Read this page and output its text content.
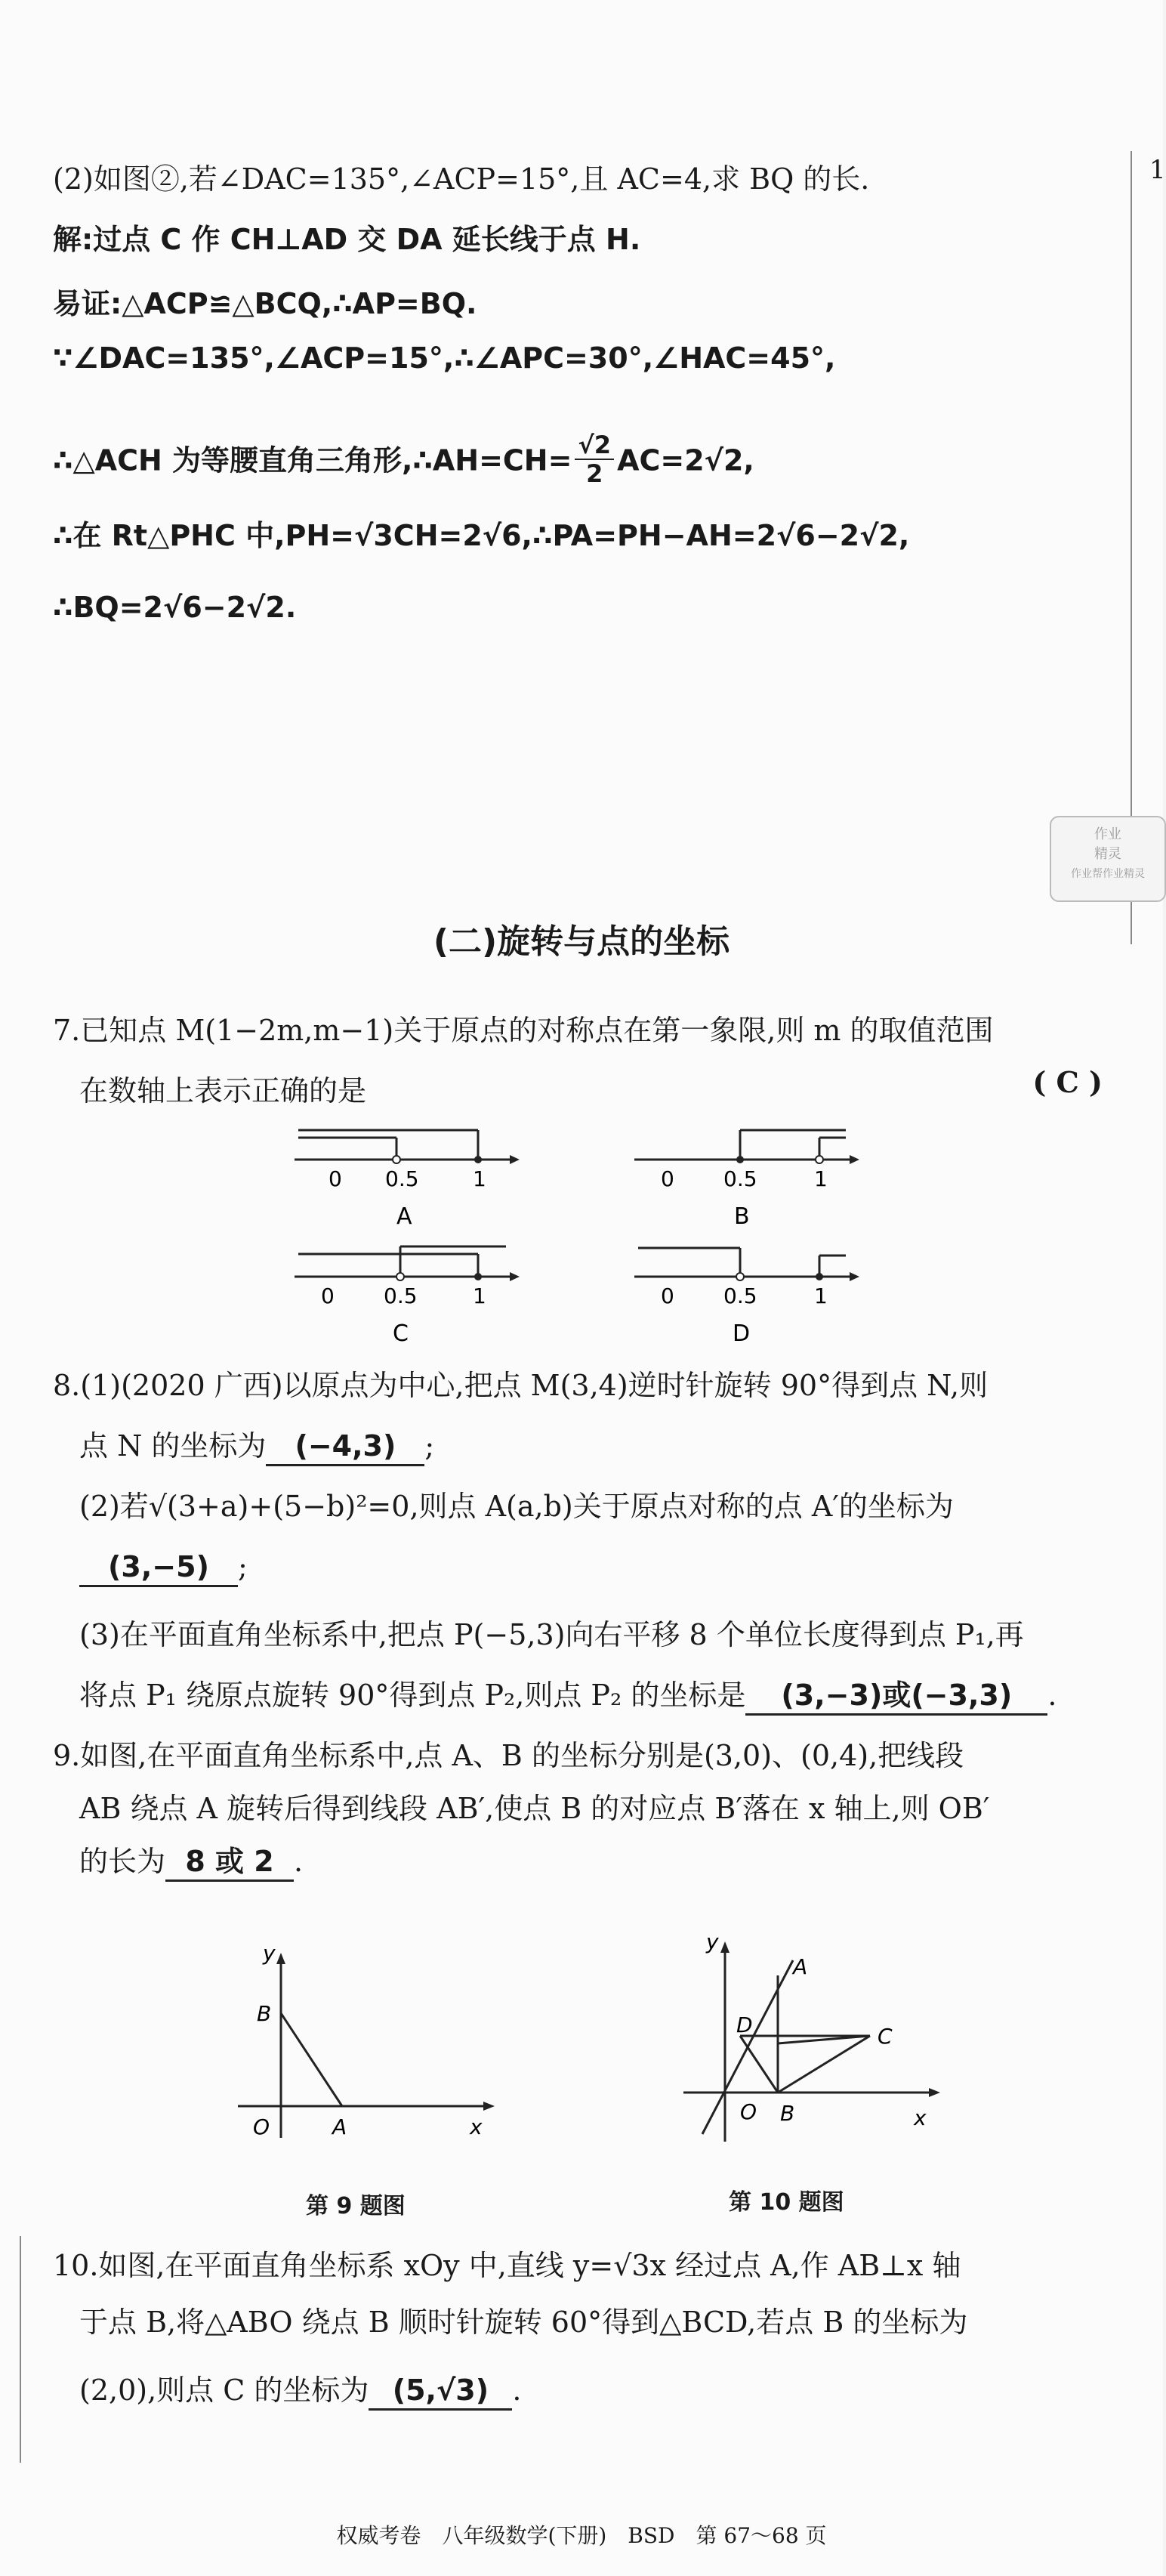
1
(2)如图②,若∠DAC=135°,∠ACP=15°,且 AC=4,求 BQ 的长.
解:过点 C 作 CH⊥AD 交 DA 延长线于点 H.
易证:△ACP≌△BCQ,∴AP=BQ.
∵∠DAC=135°,∠ACP=15°,∴∠APC=30°,∠HAC=45°,
∴△ACH 为等腰直角三角形,∴AH=CH= $\frac{√2}{2} AC=2√2$,
∴在 Rt△PHC 中,PH=√3CH=2√6,∴PA=PH−AH=2√6−2√2,
∴BQ=2√6−2√2.
作业
精灵
作业帮作业精灵
(二)旋转与点的坐标
7.已知点 M(1−2m,m−1)关于原点的对称点在第一象限,则 m 的取值范围
在数轴上表示正确的是	( C )
0 0.5	1
A
0 0.5	1
B
0 0.5	1
C
0 0.5	1
D
8.(1)(2020 广西)以原点为中心,把点 M(3,4)逆时针旋转 90°得到点 N,则
点 N 的坐标为 (−4,3) ;
(2)若√(3+a)+(5−b)²=0,则点 A(a,b)关于原点对称的点 A′的坐标为
(3,−5) ;
(3)在平面直角坐标系中,把点 P(−5,3)向右平移 8 个单位长度得到点 P₁,再
将点 P₁ 绕原点旋转 90°得到点 P₂,则点 P₂ 的坐标是 (3,−3)或(−3,3) .
9.如图,在平面直角坐标系中,点 A、B 的坐标分别是(3,0)、(0,4),把线段
AB 绕点 A 旋转后得到线段 AB′,使点 B 的对应点 B′落在 x 轴上,则 OB′
的长为 8 或 2 .
y
x
O	A
B
第 9 题图
y
x
O B
A
C
D
第 10 题图
10.如图,在平面直角坐标系 xOy 中,直线 y=√3x 经过点 A,作 AB⊥x 轴
于点 B,将△ABO 绕点 B 顺时针旋转 60°得到△BCD,若点 B 的坐标为
(2,0),则点 C 的坐标为 (5,√3) .
权威考卷　八年级数学(下册)　BSD　第 67～68 页
